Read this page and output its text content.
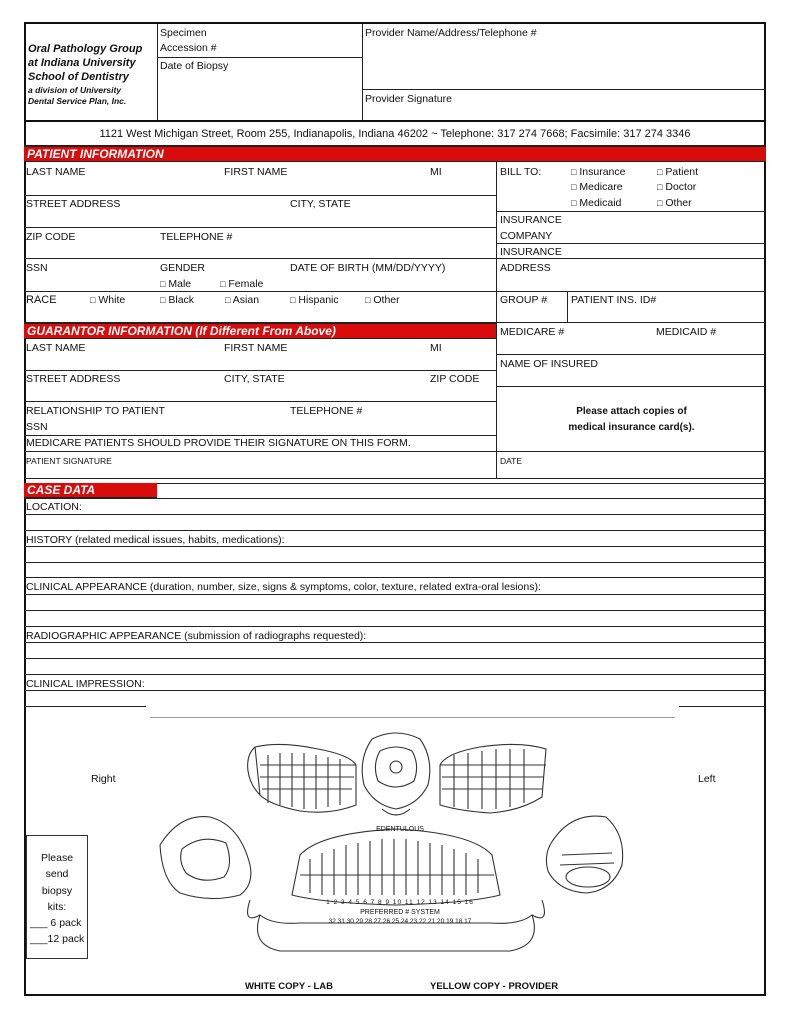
Oral Pathology Group
at Indiana University
School of Dentistry
a division of University
Dental Service Plan, Inc.
Specimen
Accession #
Date of Biopsy
Provider Name/Address/Telephone #
Provider Signature
1121 West Michigan Street, Room 255, Indianapolis, Indiana 46202 ~ Telephone: 317 274 7668; Facsimile: 317 274 3346
PATIENT INFORMATION
LAST NAME	FIRST NAME	MI
STREET ADDRESS	CITY, STATE
ZIP CODE	TELEPHONE #
SSN	GENDER	DATE OF BIRTH (MM/DD/YYYY)
□ Male	□ Female
RACE	□ White	□ Black	□ Asian	□ Hispanic	□ Other
BILL TO:	□ Insurance	□ Patient
□ Medicare	□ Doctor
□ Medicaid	□ Other
INSURANCE
COMPANY
INSURANCE
ADDRESS
GROUP # PATIENT INS. ID#
GUARANTOR INFORMATION (If Different From Above)	MEDICARE #	MEDICAID #
NAME OF INSURED
Please attach copies of
medical insurance card(s).
LAST NAME	FIRST NAME	MI
STREET ADDRESS	CITY, STATE	ZIP CODE
RELATIONSHIP TO PATIENT	TELEPHONE #
SSN
MEDICARE PATIENTS SHOULD PROVIDE THEIR SIGNATURE ON THIS FORM.
PATIENT SIGNATURE	DATE
CASE DATA
LOCATION:
HISTORY (related medical issues, habits, medications):
CLINICAL APPEARANCE (duration, number, size, signs & symptoms, color, texture, related extra-oral lesions):
RADIOGRAPHIC APPEARANCE (submission of radiographs requested):
CLINICAL IMPRESSION:
Right	Left
EDENTULOUS
1 2 3 4 5 6 7 8 9 10 11 12 13 14 15 16
PREFERRED # SYSTEM
32 31 30 29 28 27 26 25 24 23 22 21 20 19 18 17
Please
send
biopsy
kits:
___ 6 pack
___12 pack
WHITE COPY - LAB	YELLOW COPY - PROVIDER
